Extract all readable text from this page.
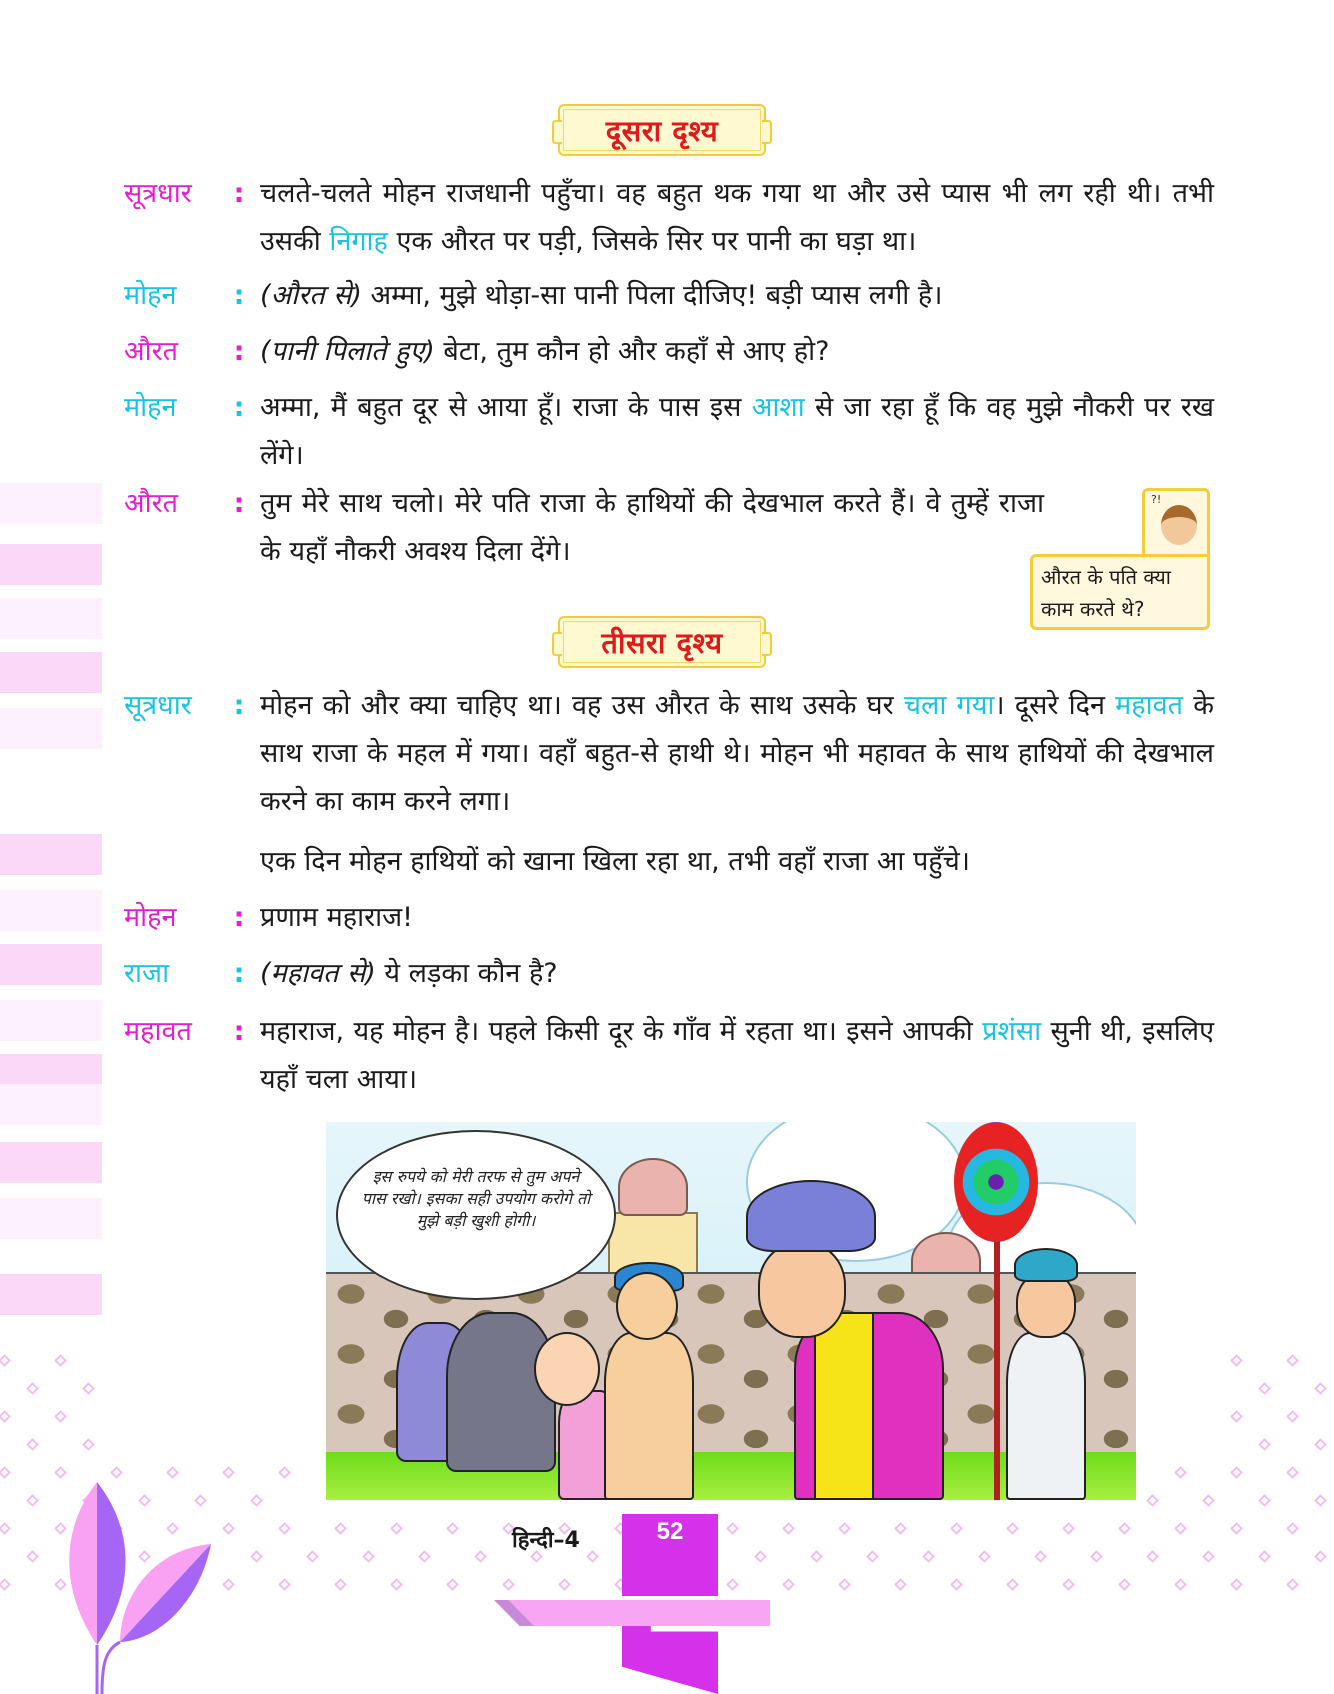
दूसरा दृश्य
सूत्रधार	: चलते-चलते मोहन राजधानी पहुँचा। वह बहुत थक गया था और उसे प्यास भी लग रही थी। तभी उसकी निगाह एक औरत पर पड़ी, जिसके सिर पर पानी का घड़ा था।
मोहन	: (औरत से) अम्मा, मुझे थोड़ा-सा पानी पिला दीजिए! बड़ी प्यास लगी है।
औरत	: (पानी पिलाते हुए) बेटा, तुम कौन हो और कहाँ से आए हो?
मोहन	: अम्मा, मैं बहुत दूर से आया हूँ। राजा के पास इस आशा से जा रहा हूँ कि वह मुझे नौकरी पर रख लेंगे।
औरत	: तुम मेरे साथ चलो। मेरे पति राजा के हाथियों की देखभाल करते हैं। वे तुम्हें राजा के यहाँ नौकरी अवश्य दिला देंगे।
?!
औरत के पति क्या काम करते थे?
तीसरा दृश्य
सूत्रधार	: मोहन को और क्या चाहिए था। वह उस औरत के साथ उसके घर चला गया। दूसरे दिन महावत के साथ राजा के महल में गया। वहाँ बहुत-से हाथी थे। मोहन भी महावत के साथ हाथियों की देखभाल करने का काम करने लगा।
एक दिन मोहन हाथियों को खाना खिला रहा था, तभी वहाँ राजा आ पहुँचे।
मोहन	: प्रणाम महाराज!
राजा	: (महावत से) ये लड़का कौन है?
महावत	: महाराज, यह मोहन है। पहले किसी दूर के गाँव में रहता था। इसने आपकी प्रशंसा सुनी थी, इसलिए यहाँ चला आया।
इस रुपये को मेरी तरफ से तुम अपने पास रखो। इसका सही उपयोग करोगे तो मुझे बड़ी खुशी होगी।
हिन्दी–4	52
